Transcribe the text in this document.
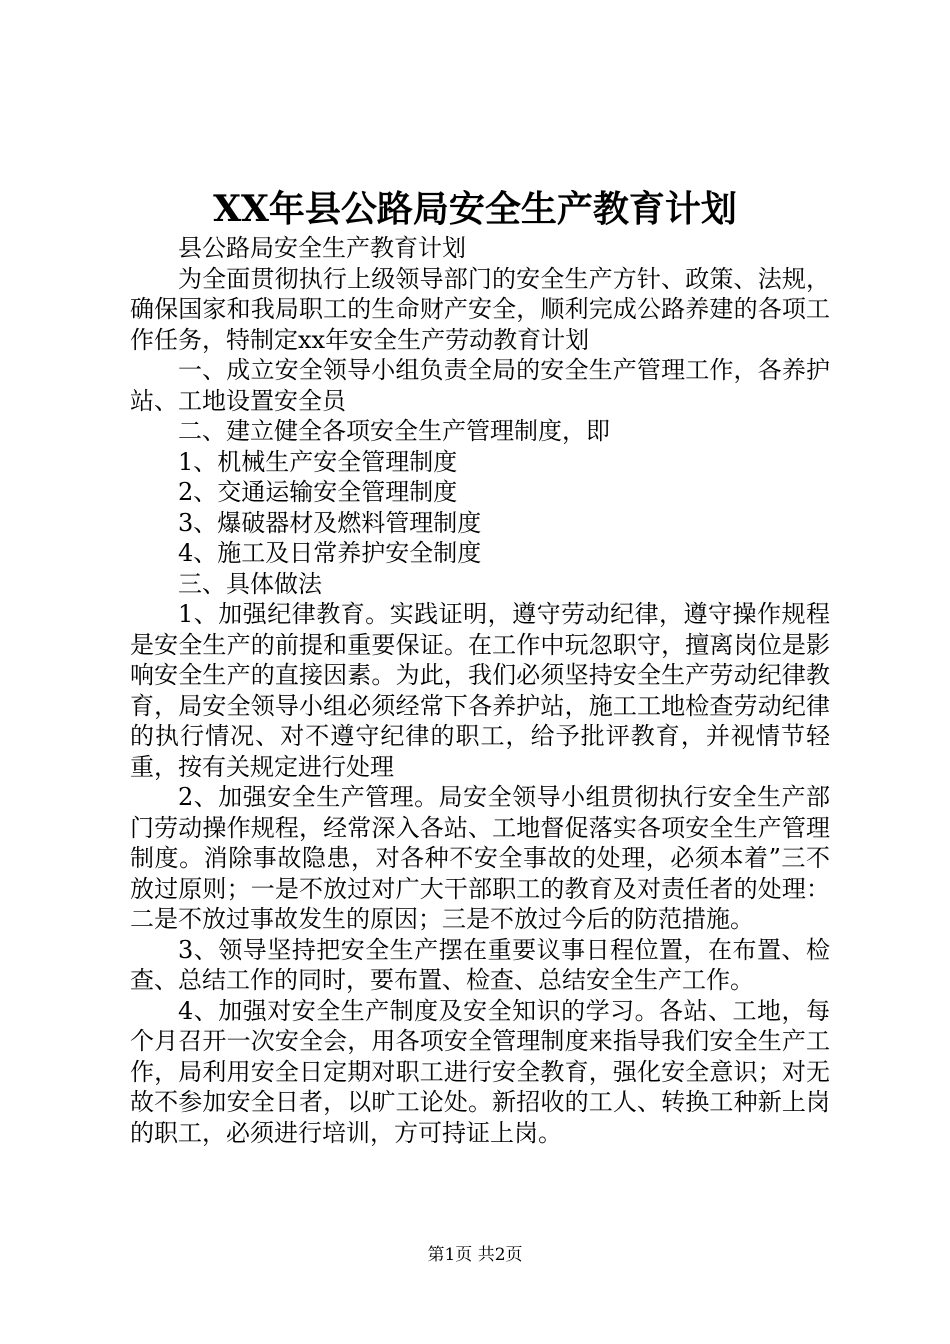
XX年县公路局安全生产教育计划

县公路局安全生产教育计划

为全面贯彻执行上级领导部门的安全生产方针、政策、法规，确保国家和我局职工的生命财产安全，顺利完成公路养建的各项工作任务，特制定xx年安全生产劳动教育计划

一、成立安全领导小组负责全局的安全生产管理工作，各养护站、工地设置安全员

二、建立健全各项安全生产管理制度，即

1、机械生产安全管理制度

2、交通运输安全管理制度

3、爆破器材及燃料管理制度

4、施工及日常养护安全制度

三、具体做法

1、加强纪律教育。实践证明，遵守劳动纪律，遵守操作规程是安全生产的前提和重要保证。在工作中玩忽职守，擅离岗位是影响安全生产的直接因素。为此，我们必须坚持安全生产劳动纪律教育，局安全领导小组必须经常下各养护站，施工工地检查劳动纪律的执行情况、对不遵守纪律的职工，给予批评教育，并视情节轻重，按有关规定进行处理

2、加强安全生产管理。局安全领导小组贯彻执行安全生产部门劳动操作规程，经常深入各站、工地督促落实各项安全生产管理制度。消除事故隐患，对各种不安全事故的处理，必须本着”三不放过原则；一是不放过对广大干部职工的教育及对责任者的处理：二是不放过事故发生的原因；三是不放过今后的防范措施。

3、领导坚持把安全生产摆在重要议事日程位置，在布置、检查、总结工作的同时，要布置、检查、总结安全生产工作。

4、加强对安全生产制度及安全知识的学习。各站、工地，每个月召开一次安全会，用各项安全管理制度来指导我们安全生产工作，局利用安全日定期对职工进行安全教育，强化安全意识；对无故不参加安全日者，以旷工论处。新招收的工人、转换工种新上岗的职工，必须进行培训，方可持证上岗。

第1页 共2页
